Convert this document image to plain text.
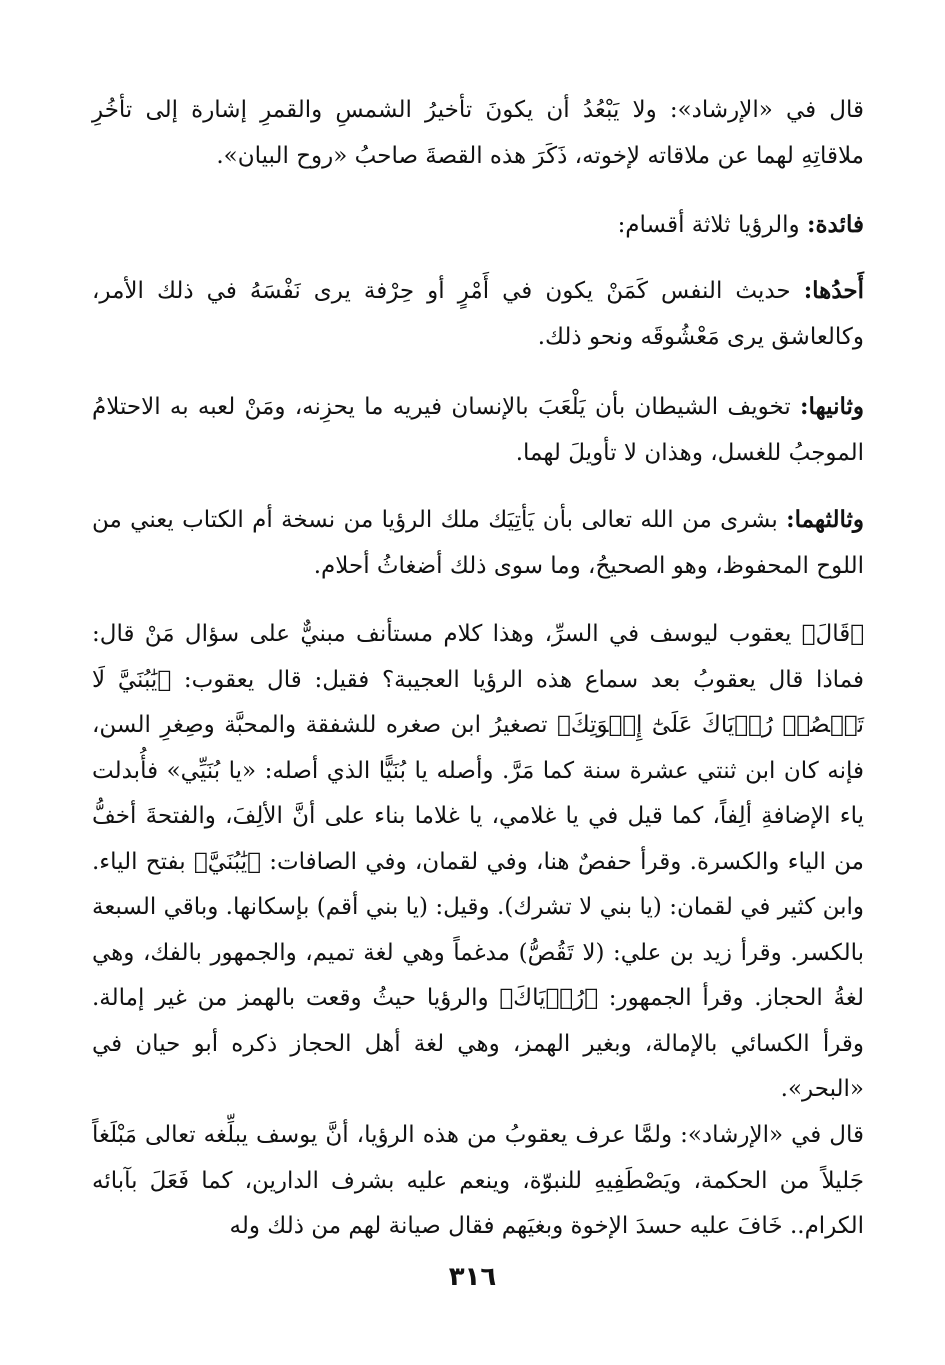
قال في «الإرشاد»: ولا يَبْعُدُ أن يكونَ تأخيرُ الشمسِ والقمرِ إشارة إلى تأخُرِ ملاقاتِهِ لهما عن ملاقاته لإخوته، ذَكَرَ هذه القصةَ صاحبُ «روح البيان».

فائدة: والرؤيا ثلاثة أقسام:

أَحدُها: حديث النفس كَمَنْ يكون في أَمْرٍ أو حِرْفة يرى نَفْسَهُ في ذلك الأمر، وكالعاشق يرى مَعْشُوقَه ونحو ذلك.

وثانيها: تخويف الشيطان بأن يَلْعَبَ بالإنسان فيريه ما يحزِنه، ومَنْ لعبه به الاحتلامُ الموجبُ للغسل، وهذان لا تأويلَ لهما.

وثالثهما: بشرى من الله تعالى بأن يَأتِيَك ملك الرؤيا من نسخة أم الكتاب يعني من اللوح المحفوظ، وهو الصحيحُ، وما سوى ذلك أضغاثُ أحلام.

﴿قَالَ﴾ يعقوب ليوسف في السرِّ، وهذا كلام مستأنف مبنيٌّ على سؤال مَنْ قال: فماذا قال يعقوبُ بعد سماع هذه الرؤيا العجيبة؟ فقيل: قال يعقوب: ﴿يَٰبُنَيَّ لَا تَقۡصُصۡ رُءۡيَاكَ عَلَىٰٓ إِخۡوَتِكَ﴾ تصغيرُ ابن صغره للشفقة والمحبَّة وصِغرِ السن، فإنه كان ابن ثنتي عشرة سنة كما مَرَّ. وأصله يا بُنَيًّا الذي أصله: «يا بُنَيِّي» فأُبدلت ياء الإضافةِ ألِفاً، كما قيل في يا غلامي، يا غلاما بناء على أنَّ الألِفَ، والفتحةَ أخفُّ من الياء والكسرة. وقرأ حفصٌ هنا، وفي لقمان، وفي الصافات: ﴿يَٰبُنَيَّ﴾ بفتح الياء. وابن كثير في لقمان: (يا بني لا تشرك). وقيل: (يا بني أقم) بإسكانها. وباقي السبعة بالكسر. وقرأ زيد بن علي: (لا تَقُصُّ) مدغماً وهي لغة تميم، والجمهور بالفك، وهي لغةُ الحجاز. وقرأ الجمهور: ﴿رُءۡيَاكَ﴾ والرؤيا حيثُ وقعت بالهمز من غير إمالة. وقرأ الكسائي بالإمالة، وبغير الهمز، وهي لغة أهل الحجاز ذكره أبو حيان في «البحر».

قال في «الإرشاد»: ولمَّا عرف يعقوبُ من هذه الرؤيا، أنَّ يوسف يبلِّغه تعالى مَبْلَغاً جَليلاً من الحكمة، ويَصْطَفِيهِ للنبوّة، وينعم عليه بشرف الدارين، كما فَعَلَ بآبائه الكرام.. خَافَ عليه حسدَ الإخوة وبغيَهم فقال صيانة لهم من ذلك وله

٣١٦
